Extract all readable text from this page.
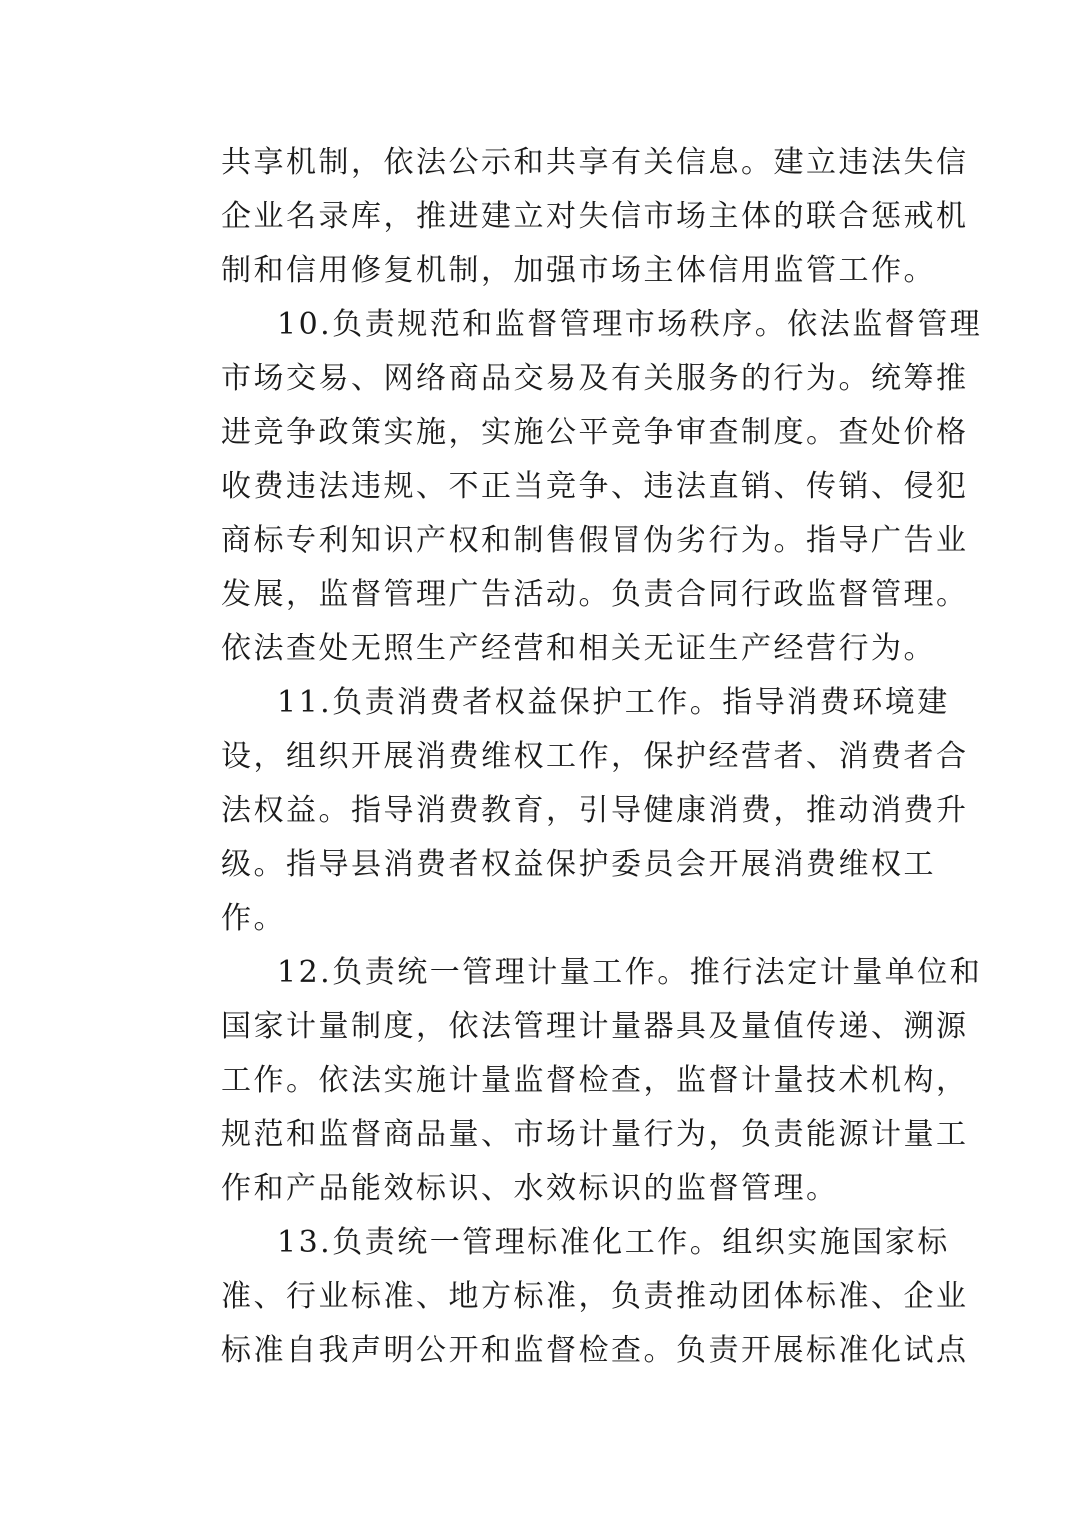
共享机制，依法公示和共享有关信息。建立违法失信
企业名录库，推进建立对失信市场主体的联合惩戒机
制和信用修复机制，加强市场主体信用监管工作。
10.负责规范和监督管理市场秩序。依法监督管理
市场交易、网络商品交易及有关服务的行为。统筹推
进竞争政策实施，实施公平竞争审查制度。查处价格
收费违法违规、不正当竞争、违法直销、传销、侵犯
商标专利知识产权和制售假冒伪劣行为。指导广告业
发展，监督管理广告活动。负责合同行政监督管理。
依法查处无照生产经营和相关无证生产经营行为。
11.负责消费者权益保护工作。指导消费环境建
设，组织开展消费维权工作，保护经营者、消费者合
法权益。指导消费教育，引导健康消费，推动消费升
级。指导县消费者权益保护委员会开展消费维权工
作。
12.负责统一管理计量工作。推行法定计量单位和
国家计量制度，依法管理计量器具及量值传递、溯源
工作。依法实施计量监督检查，监督计量技术机构，
规范和监督商品量、市场计量行为，负责能源计量工
作和产品能效标识、水效标识的监督管理。
13.负责统一管理标准化工作。组织实施国家标
准、行业标准、地方标准，负责推动团体标准、企业
标准自我声明公开和监督检查。负责开展标准化试点
